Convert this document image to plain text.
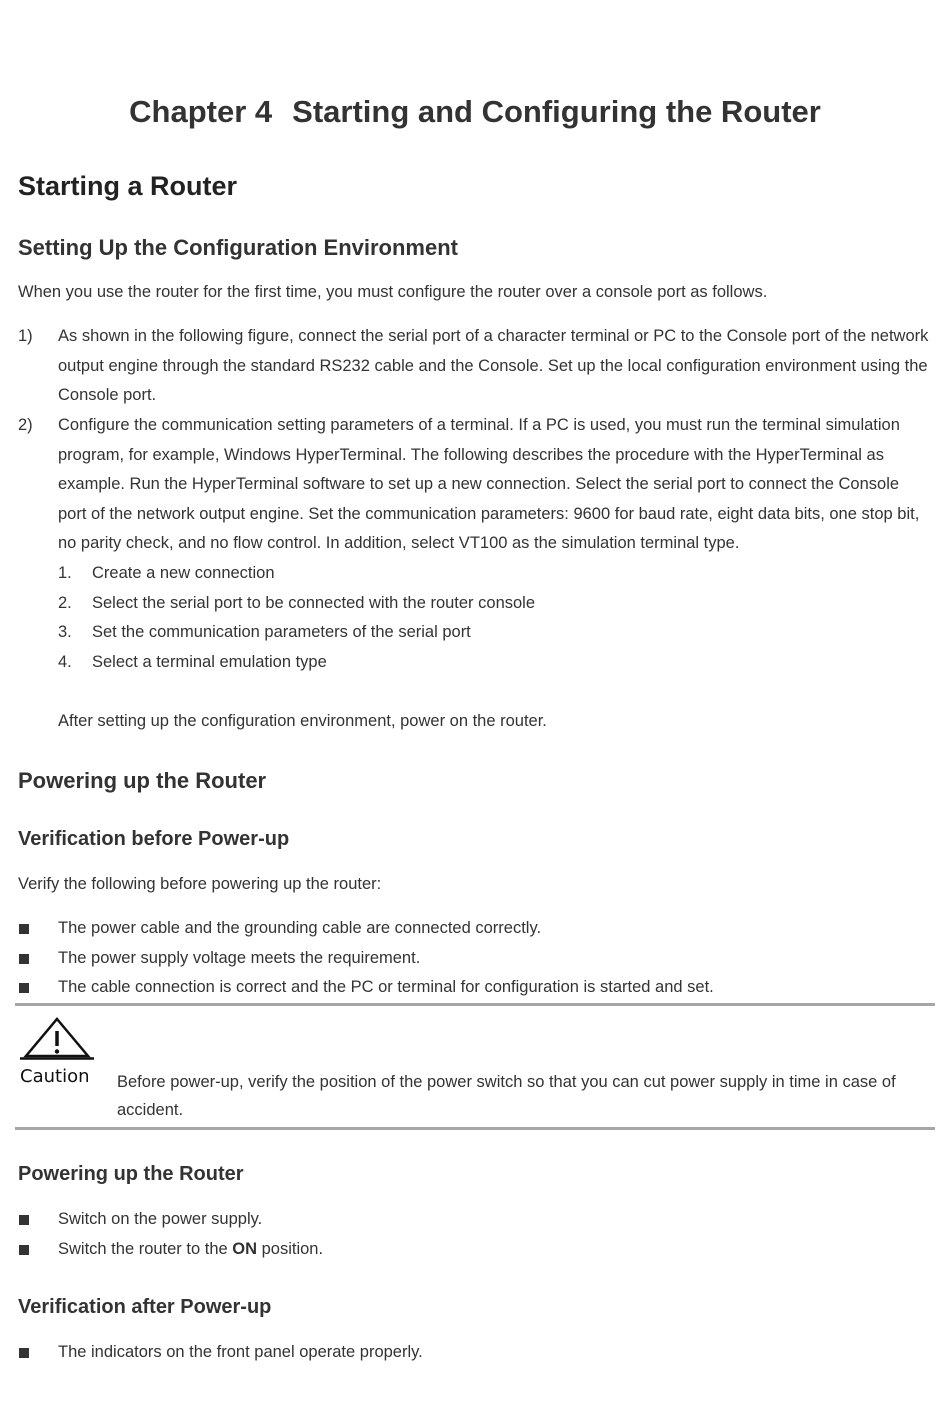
Chapter 4 Starting and Configuring the Router
Starting a Router
Setting Up the Configuration Environment
When you use the router for the first time, you must configure the router over a console port as follows.
1) As shown in the following figure, connect the serial port of a character terminal or PC to the Console port of the network output engine through the standard RS232 cable and the Console. Set up the local configuration environment using the Console port.
2) Configure the communication setting parameters of a terminal. If a PC is used, you must run the terminal simulation program, for example, Windows HyperTerminal. The following describes the procedure with the HyperTerminal as example. Run the HyperTerminal software to set up a new connection. Select the serial port to connect the Console port of the network output engine. Set the communication parameters: 9600 for baud rate, eight data bits, one stop bit, no parity check, and no flow control. In addition, select VT100 as the simulation terminal type.
1. Create a new connection
2. Select the serial port to be connected with the router console
3. Set the communication parameters of the serial port
4. Select a terminal emulation type
After setting up the configuration environment, power on the router.
Powering up the Router
Verification before Power-up
Verify the following before powering up the router:
The power cable and the grounding cable are connected correctly.
The power supply voltage meets the requirement.
The cable connection is correct and the PC or terminal for configuration is started and set.
Caution Before power-up, verify the position of the power switch so that you can cut power supply in time in case of accident.
Powering up the Router
Switch on the power supply.
Switch the router to the ON position.
Verification after Power-up
The indicators on the front panel operate properly.
